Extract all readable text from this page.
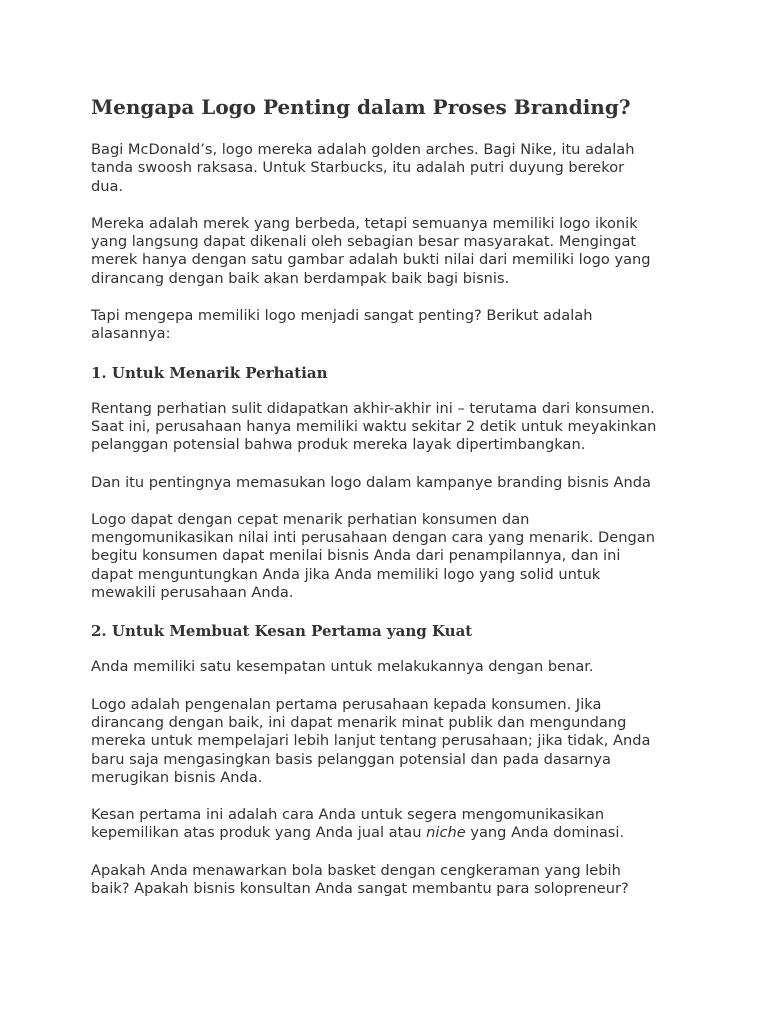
Mengapa Logo Penting dalam Proses Branding?

Bagi McDonald’s, logo mereka adalah golden arches. Bagi Nike, itu adalah
tanda swoosh raksasa. Untuk Starbucks, itu adalah putri duyung berekor
dua.

Mereka adalah merek yang berbeda, tetapi semuanya memiliki logo ikonik
yang langsung dapat dikenali oleh sebagian besar masyarakat. Mengingat
merek hanya dengan satu gambar adalah bukti nilai dari memiliki logo yang
dirancang dengan baik akan berdampak baik bagi bisnis.

Tapi mengepa memiliki logo menjadi sangat penting? Berikut adalah
alasannya:

1. Untuk Menarik Perhatian

Rentang perhatian sulit didapatkan akhir-akhir ini – terutama dari konsumen.
Saat ini, perusahaan hanya memiliki waktu sekitar 2 detik untuk meyakinkan
pelanggan potensial bahwa produk mereka layak dipertimbangkan.

Dan itu pentingnya memasukan logo dalam kampanye branding bisnis Anda

Logo dapat dengan cepat menarik perhatian konsumen dan
mengomunikasikan nilai inti perusahaan dengan cara yang menarik. Dengan
begitu konsumen dapat menilai bisnis Anda dari penampilannya, dan ini
dapat menguntungkan Anda jika Anda memiliki logo yang solid untuk
mewakili perusahaan Anda.

2. Untuk Membuat Kesan Pertama yang Kuat

Anda memiliki satu kesempatan untuk melakukannya dengan benar.

Logo adalah pengenalan pertama perusahaan kepada konsumen. Jika
dirancang dengan baik, ini dapat menarik minat publik dan mengundang
mereka untuk mempelajari lebih lanjut tentang perusahaan; jika tidak, Anda
baru saja mengasingkan basis pelanggan potensial dan pada dasarnya
merugikan bisnis Anda.

Kesan pertama ini adalah cara Anda untuk segera mengomunikasikan
kepemilikan atas produk yang Anda jual atau niche yang Anda dominasi.

Apakah Anda menawarkan bola basket dengan cengkeraman yang lebih
baik? Apakah bisnis konsultan Anda sangat membantu para solopreneur?
